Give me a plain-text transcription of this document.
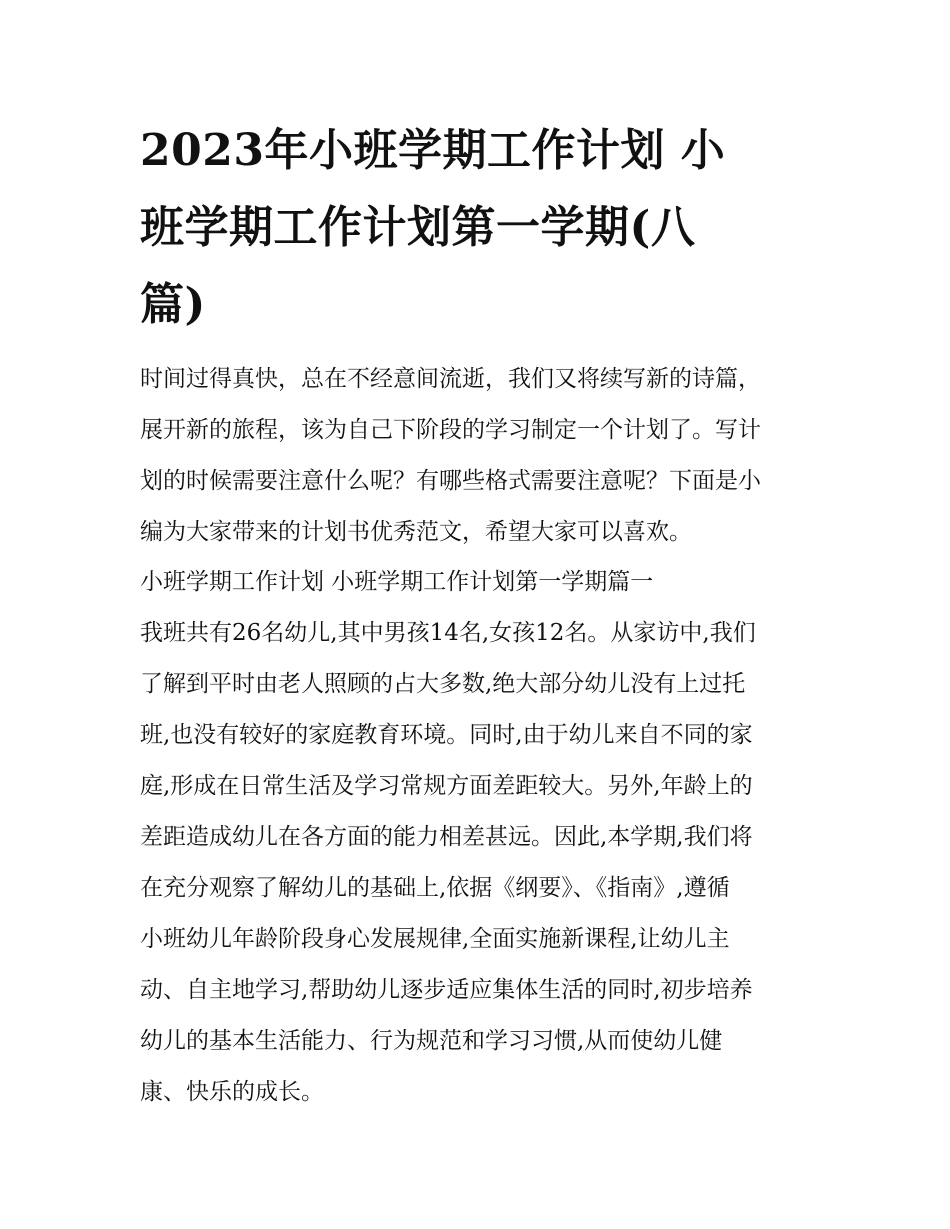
2023年小班学期工作计划 小
班学期工作计划第一学期(八
篇)

时间过得真快，总在不经意间流逝，我们又将续写新的诗篇，
展开新的旅程，该为自己下阶段的学习制定一个计划了。写计
划的时候需要注意什么呢？有哪些格式需要注意呢？下面是小
编为大家带来的计划书优秀范文，希望大家可以喜欢。

小班学期工作计划 小班学期工作计划第一学期篇一

我班共有26名幼儿,其中男孩14名,女孩12名。从家访中,我们
了解到平时由老人照顾的占大多数,绝大部分幼儿没有上过托
班,也没有较好的家庭教育环境。同时,由于幼儿来自不同的家
庭,形成在日常生活及学习常规方面差距较大。另外,年龄上的
差距造成幼儿在各方面的能力相差甚远。因此,本学期,我们将
在充分观察了解幼儿的基础上,依据《纲要》、《指南》,遵循
小班幼儿年龄阶段身心发展规律,全面实施新课程,让幼儿主
动、自主地学习,帮助幼儿逐步适应集体生活的同时,初步培养
幼儿的基本生活能力、行为规范和学习习惯,从而使幼儿健
康、快乐的成长。
